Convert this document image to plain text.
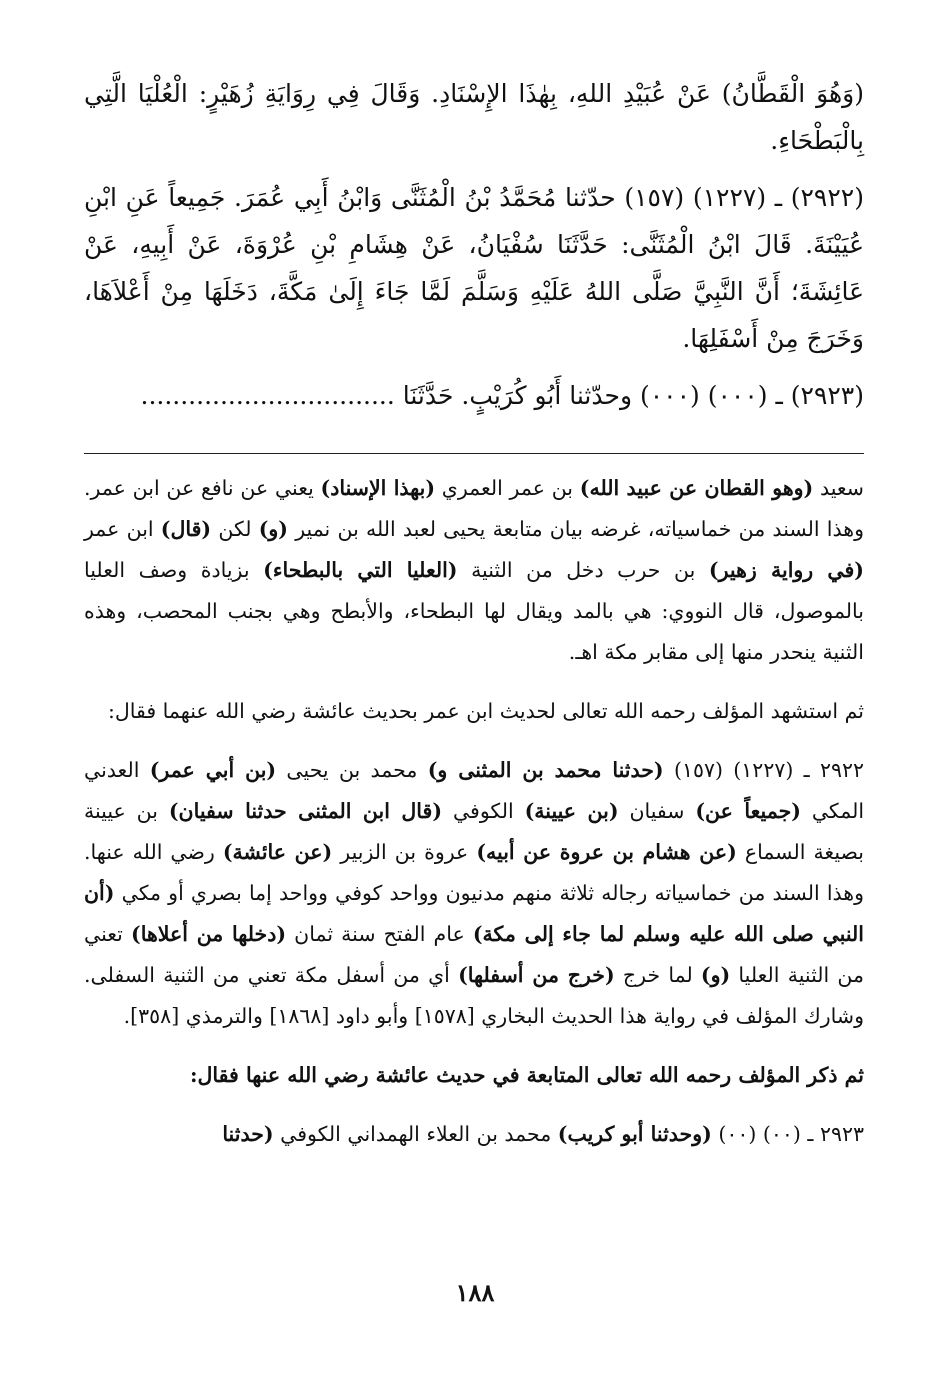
(وَهُوَ الْقَطَّانُ) عَنْ عُبَيْدِ اللهِ، بِهٰذَا الإِسْنَادِ. وَقَالَ فِي رِوَايَةِ زُهَيْرٍ: الْعُلْيَا الَّتِي بِالْبَطْحَاءِ.

(٢٩٢٢) ـ (١٢٢٧) (١٥٧) حدّثنا مُحَمَّدُ بْنُ الْمُثَنَّى وَابْنُ أَبِي عُمَرَ. جَمِيعاً عَنِ ابْنِ عُيَيْنَةَ. قَالَ ابْنُ الْمُثَنَّى: حَدَّثَنَا سُفْيَانُ، عَنْ هِشَامِ بْنِ عُرْوَةَ، عَنْ أَبِيهِ، عَنْ عَائِشَةَ؛ أَنَّ النَّبِيَّ صَلَّى اللهُ عَلَيْهِ وَسَلَّمَ لَمَّا جَاءَ إِلَىٰ مَكَّةَ، دَخَلَهَا مِنْ أَعْلاَهَا، وَخَرَجَ مِنْ أَسْفَلِهَا.

(٢٩٢٣) ـ (٠٠٠) (٠٠٠) وحدّثنا أَبُو كُرَيْبٍ. حَدَّثَنَا ................................

سعيد (وهو القطان عن عبيد الله) بن عمر العمري (بهذا الإسناد) يعني عن نافع عن ابن عمر. وهذا السند من خماسياته، غرضه بيان متابعة يحيى لعبد الله بن نمير (و) لكن (قال) ابن عمر (في رواية زهير) بن حرب دخل من الثنية (العليا التي بالبطحاء) بزيادة وصف العليا بالموصول، قال النووي: هي بالمد ويقال لها البطحاء، والأبطح وهي بجنب المحصب، وهذه الثنية ينحدر منها إلى مقابر مكة اهـ.

ثم استشهد المؤلف رحمه الله تعالى لحديث ابن عمر بحديث عائشة رضي الله عنهما فقال:

٢٩٢٢ ـ (١٢٢٧) (١٥٧) (حدثنا محمد بن المثنى و) محمد بن يحيى (بن أبي عمر) العدني المكي (جميعاً عن) سفيان (بن عيينة) الكوفي (قال ابن المثنى حدثنا سفيان) بن عيينة بصيغة السماع (عن هشام بن عروة عن أبيه) عروة بن الزبير (عن عائشة) رضي الله عنها. وهذا السند من خماسياته رجاله ثلاثة منهم مدنيون وواحد كوفي وواحد إما بصري أو مكي (أن النبي صلى الله عليه وسلم لما جاء إلى مكة) عام الفتح سنة ثمان (دخلها من أعلاها) تعني من الثنية العليا (و) لما خرج (خرج من أسفلها) أي من أسفل مكة تعني من الثنية السفلى. وشارك المؤلف في رواية هذا الحديث البخاري [١٥٧٨] وأبو داود [١٨٦٨] والترمذي [٣٥٨].

ثم ذكر المؤلف رحمه الله تعالى المتابعة في حديث عائشة رضي الله عنها فقال:

٢٩٢٣ ـ (٠٠) (٠٠) (وحدثنا أبو كريب) محمد بن العلاء الهمداني الكوفي (حدثنا

١٨٨
